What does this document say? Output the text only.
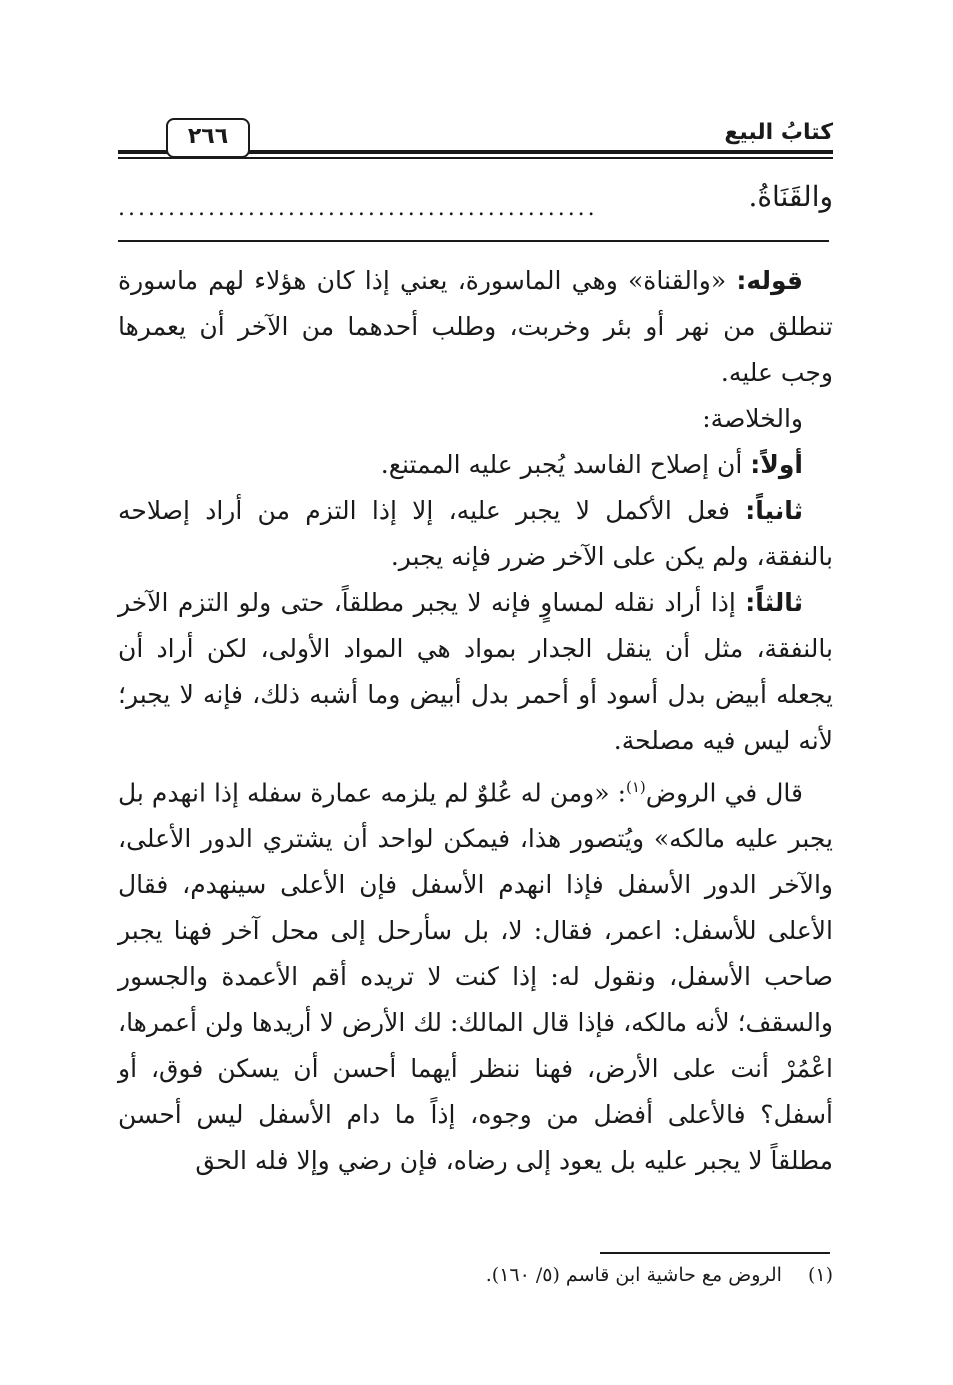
كتابُ البيع
٢٦٦
والقَنَاةُ.
................................................

قوله: «والقناة» وهي الماسورة، يعني إذا كان هؤلاء لهم ماسورة تنطلق من نهر أو بئر وخربت، وطلب أحدهما من الآخر أن يعمرها وجب عليه.

والخلاصة:

أولاً: أن إصلاح الفاسد يُجبر عليه الممتنع.

ثانياً: فعل الأكمل لا يجبر عليه، إلا إذا التزم من أراد إصلاحه بالنفقة، ولم يكن على الآخر ضرر فإنه يجبر.

ثالثاً: إذا أراد نقله لمساوٍ فإنه لا يجبر مطلقاً، حتى ولو التزم الآخر بالنفقة، مثل أن ينقل الجدار بمواد هي المواد الأولى، لكن أراد أن يجعله أبيض بدل أسود أو أحمر بدل أبيض وما أشبه ذلك، فإنه لا يجبر؛ لأنه ليس فيه مصلحة.

قال في الروض$^{(١)}$: «ومن له عُلوٌ لم يلزمه عمارة سفله إذا انهدم بل يجبر عليه مالكه» ويُتصور هذا، فيمكن لواحد أن يشتري الدور الأعلى، والآخر الدور الأسفل فإذا انهدم الأسفل فإن الأعلى سينهدم، فقال الأعلى للأسفل: اعمر، فقال: لا، بل سأرحل إلى محل آخر فهنا يجبر صاحب الأسفل، ونقول له: إذا كنت لا تريده أقم الأعمدة والجسور والسقف؛ لأنه مالكه، فإذا قال المالك: لك الأرض لا أريدها ولن أعمرها، اعْمُرْ أنت على الأرض، فهنا ننظر أيهما أحسن أن يسكن فوق، أو أسفل؟ فالأعلى أفضل من وجوه، إذاً ما دام الأسفل ليس أحسن مطلقاً لا يجبر عليه بل يعود إلى رضاه، فإن رضي وإلا فله الحق

(١)الروض مع حاشية ابن قاسم (٥/ ١٦٠).
